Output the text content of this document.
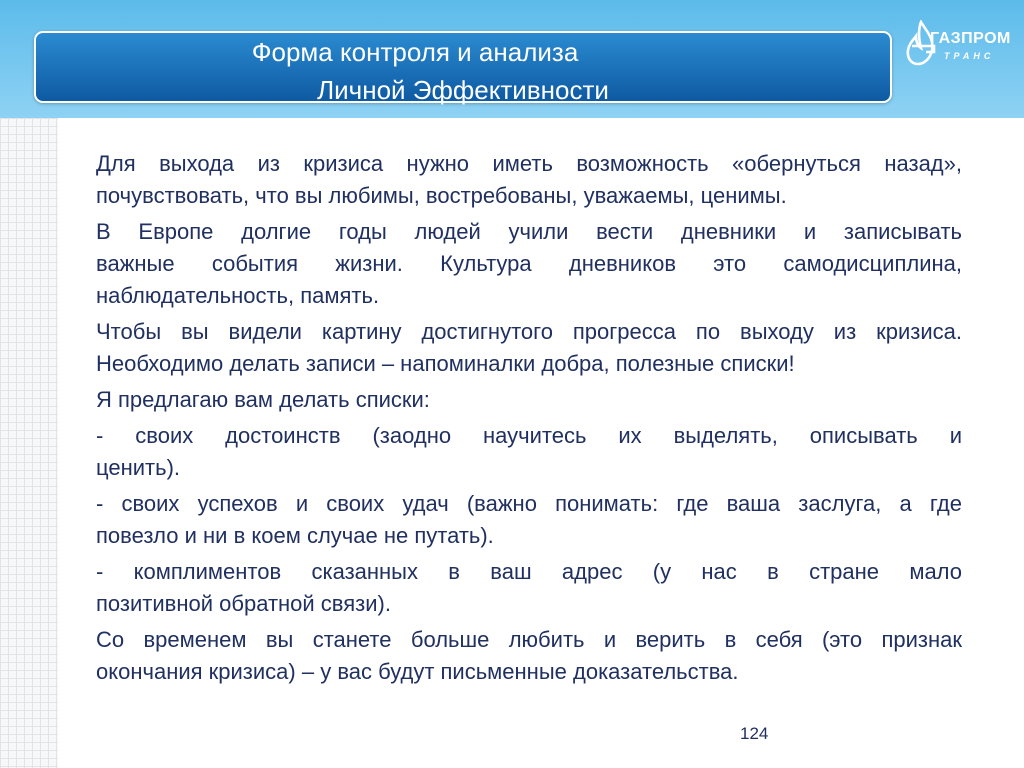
Форма контроля и анализа
Личной Эффективности
ГАЗПРОМ
ТРАНС

Для выхода из кризиса нужно иметь возможность «обернуться назад»,
почувствовать, что вы любимы, востребованы, уважаемы, ценимы.

В Европе долгие годы людей учили вести дневники и записывать
важные события жизни. Культура дневников это самодисциплина,
наблюдательность, память.

Чтобы вы видели картину достигнутого прогресса по выходу из кризиса.
Необходимо делать записи – напоминалки добра, полезные списки!

Я предлагаю вам делать списки:

- своих достоинств (заодно научитесь их выделять, описывать и
ценить).

- своих успехов и своих удач (важно понимать: где ваша заслуга, а где
повезло и ни в коем случае не путать).

- комплиментов сказанных в ваш адрес (у нас в стране мало
позитивной обратной связи).

Со временем вы станете больше любить и верить в себя (это признак
окончания кризиса) – у вас будут письменные доказательства.

124
